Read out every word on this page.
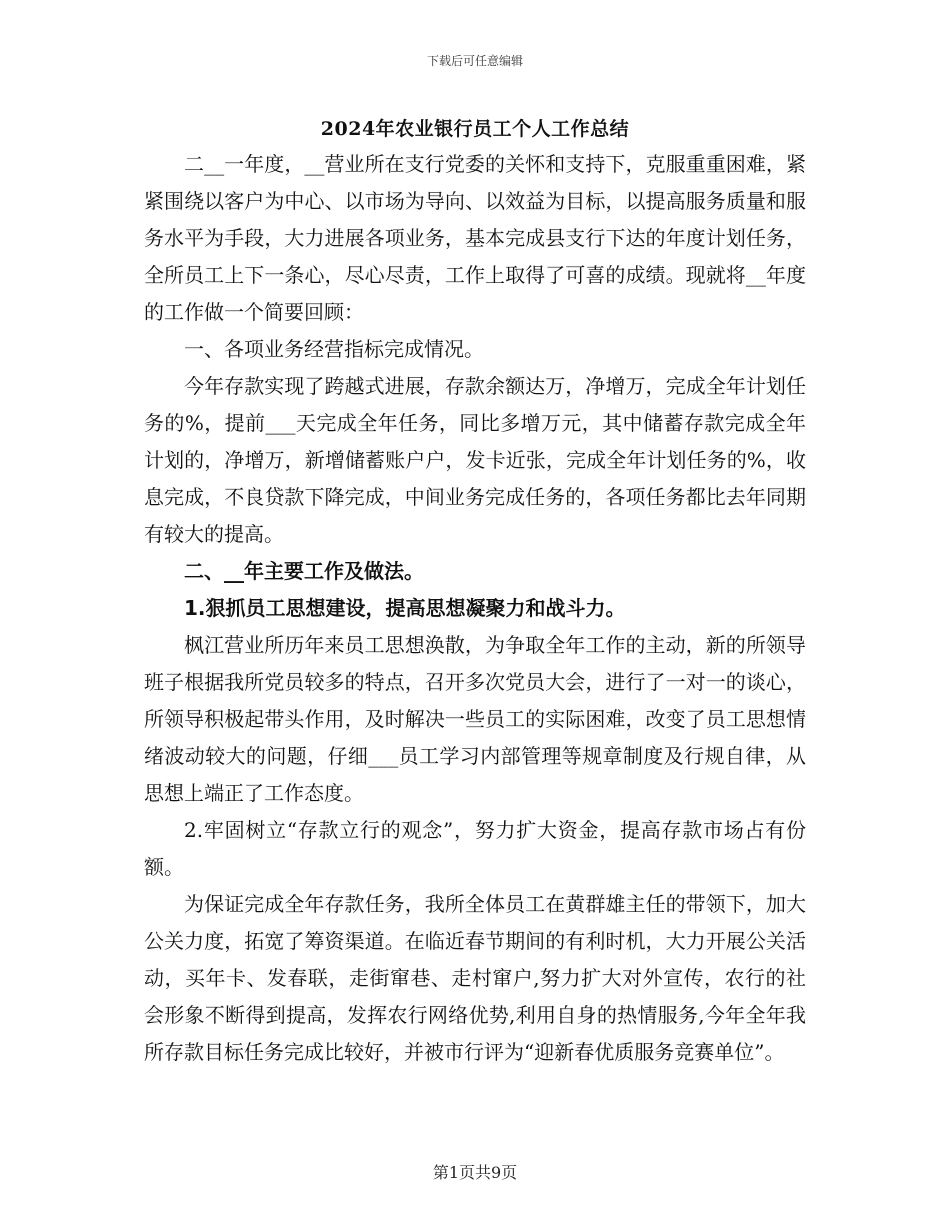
下载后可任意编辑
2024年农业银行员工个人工作总结

二__一年度，__营业所在支行党委的关怀和支持下，克服重重困难，紧紧围绕以客户为中心、以市场为导向、以效益为目标，以提高服务质量和服务水平为手段，大力进展各项业务，基本完成县支行下达的年度计划任务，全所员工上下一条心，尽心尽责，工作上取得了可喜的成绩。现就将__年度的工作做一个简要回顾：

一、各项业务经营指标完成情况。

今年存款实现了跨越式进展，存款余额达万，净增万，完成全年计划任务的%，提前___天完成全年任务，同比多增万元，其中储蓄存款完成全年计划的，净增万，新增储蓄账户户，发卡近张，完成全年计划任务的%，收息完成，不良贷款下降完成，中间业务完成任务的，各项任务都比去年同期有较大的提高。

二、__年主要工作及做法。

1.狠抓员工思想建设，提高思想凝聚力和战斗力。

枫江营业所历年来员工思想涣散，为争取全年工作的主动，新的所领导班子根据我所党员较多的特点，召开多次党员大会，进行了一对一的谈心，所领导积极起带头作用，及时解决一些员工的实际困难，改变了员工思想情绪波动较大的问题，仔细___员工学习内部管理等规章制度及行规自律，从思想上端正了工作态度。

2.牢固树立“存款立行的观念”，努力扩大资金，提高存款市场占有份额。

为保证完成全年存款任务，我所全体员工在黄群雄主任的带领下，加大公关力度，拓宽了筹资渠道。在临近春节期间的有利时机，大力开展公关活动，买年卡、发春联，走街窜巷、走村窜户,努力扩大对外宣传，农行的社会形象不断得到提高，发挥农行网络优势,利用自身的热情服务,今年全年我所存款目标任务完成比较好，并被市行评为“迎新春优质服务竞赛单位”。

第1页共9页
